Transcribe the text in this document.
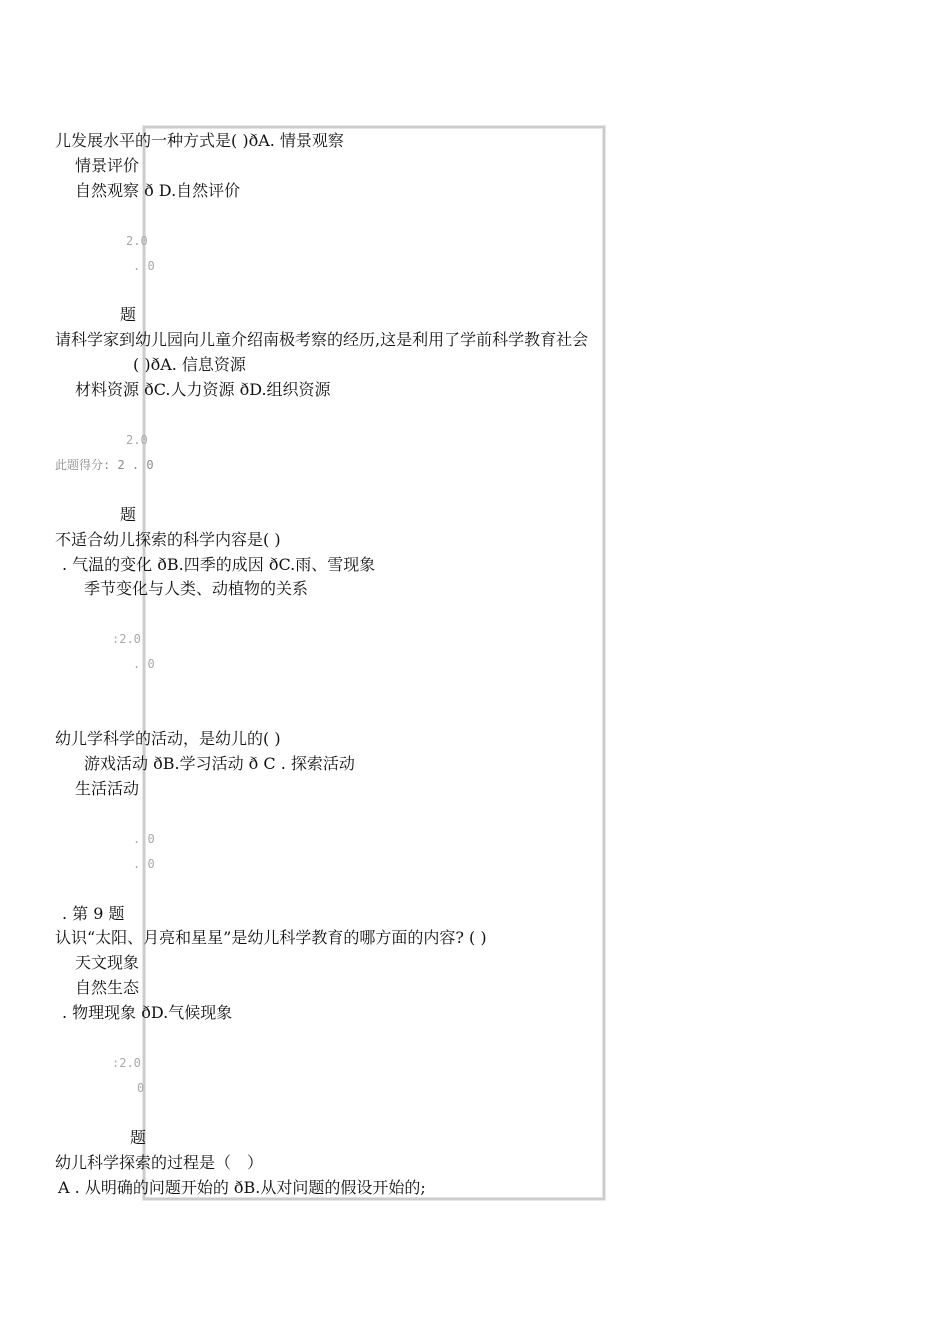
儿发展水平的一种方式是( )ðA. 情景观察
情景评价
自然观察 ð D.自然评价
2.0
. 0
题
请科学家到幼儿园向儿童介绍南极考察的经历,这是利用了学前科学教育社会
( )ðA. 信息资源
材料资源 ðC.人力资源 ðD.组织资源
2.0
此题得分: 2 . 0
题
不适合幼儿探索的科学内容是( )
. 气温的变化 ðB.四季的成因 ðC.雨、雪现象
季节变化与人类、动植物的关系
:2.0
. 0
幼儿学科学的活动，是幼儿的( )
游戏活动 ðB.学习活动 ð C . 探索活动
生活活动
. 0
. 0
. 第 9 题
认识“太阳、月亮和星星”是幼儿科学教育的哪方面的内容? ( )
天文现象
自然生态
. 物理现象 ðD.气候现象
:2.0
0
题
幼儿科学探索的过程是（　）
A . 从明确的问题开始的 ðB.从对问题的假设开始的;
